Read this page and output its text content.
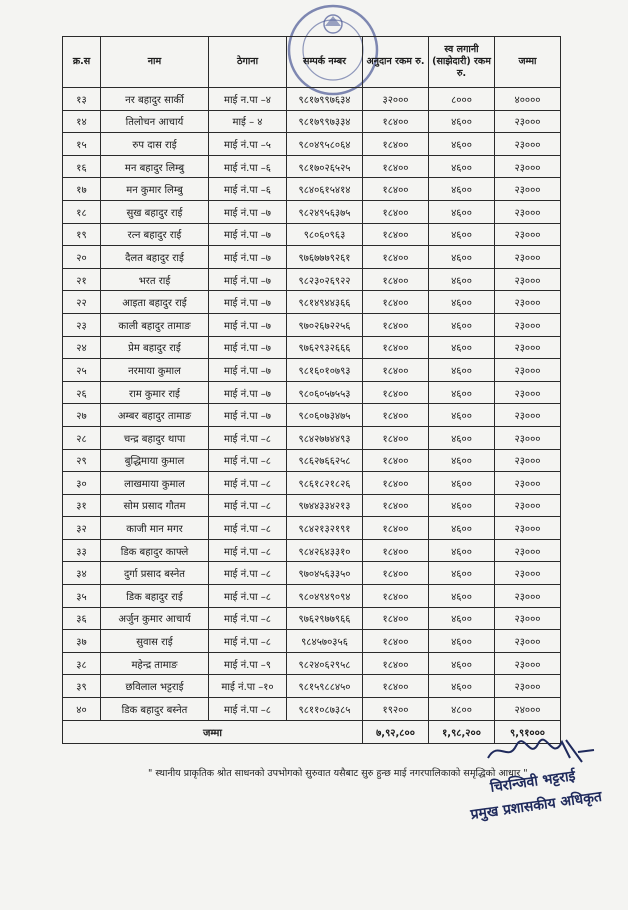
क्र.स	नाम	ठेगाना	सम्पर्क नम्बर	अनुदान रकम रु.	स्व लगानी (साझेदारी) रकम रु.	जम्मा
१३	नर बहादुर सार्की	माई न.पा –४	९८१७९९७६३४	३२०००	८०००	४००००
१४	तिलोचन आचार्य	माई – ४	९८१७९९७३३४	१८४००	४६००	२३०००
१५	रुप दास राई	माई नं.पा –५	९८०४९५८०६४	१८४००	४६००	२३०००
१६	मन बहादुर लिम्बु	माई नं.पा –६	९८१७०२६५२५	१८४००	४६००	२३०००
१७	मन कुमार लिम्बु	माई नं.पा –६	९८४०६१५४१४	१८४००	४६००	२३०००
१८	सुख बहादुर राई	माई नं.पा –७	९८२४९५६३७५	१८४००	४६००	२३०००
१९	रत्न बहादुर राई	माई नं.पा –७	९८०६०९६३	१८४००	४६००	२३०००
२०	दैलत बहादुर राई	माई नं.पा –७	९७६७७७९२६१	१८४००	४६००	२३०००
२१	भरत राई	माई नं.पा –७	९८२३०२६९२२	१८४००	४६००	२३०००
२२	आइता बहादुर राई	माई नं.पा –७	९८१४९४४३६६	१८४००	४६००	२३०००
२३	काली बहादुर तामाङ	माई नं.पा –७	९७०२६७२२५६	१८४००	४६००	२३०००
२४	प्रेम बहादुर राई	माई नं.पा –७	९७६२९३२६६६	१८४००	४६००	२३०००
२५	नरमाया कुमाल	माई नं.पा –७	९८१६०१०७९३	१८४००	४६००	२३०००
२६	राम कुमार राई	माई नं.पा –७	९८०६०५७५५३	१८४००	४६००	२३०००
२७	अम्बर बहादुर तामाङ	माई नं.पा –७	९८०६०७३४७५	१८४००	४६००	२३०००
२८	चन्द्र बहादुर थापा	माई नं.पा –८	९८४२७७४४९३	१८४००	४६००	२३०००
२९	बुद्धिमाया कुमाल	माई नं.पा –८	९८६२७६६२५८	१८४००	४६००	२३०००
३०	लाखमाया कुमाल	माई नं.पा –८	९८६१८२१८२६	१८४००	४६००	२३०००
३१	सोम प्रसाद गौतम	माई नं.पा –८	९७४४३३४२१३	१८४००	४६००	२३०००
३२	काजी मान मगर	माई नं.पा –८	९८४२१३२१९१	१८४००	४६००	२३०००
३३	डिक बहादुर काफ्ले	माई नं.पा –८	९८४२६४३३१०	१८४००	४६००	२३०००
३४	दुर्गा प्रसाद बस्नेत	माई नं.पा –८	९७०४५६३३५०	१८४००	४६००	२३०००
३५	डिक बहादुर राई	माई नं.पा –८	९८०४९४९०९४	१८४००	४६००	२३०००
३६	अर्जुन कुमार आचार्य	माई नं.पा –८	९७६२९७७९६६	१८४००	४६००	२३०००
३७	सुवास राई	माई नं.पा –८	९८४५७०३५६	१८४००	४६००	२३०००
३८	महेन्द्र तामाङ	माई नं.पा –९	९८२४०६२९५८	१८४००	४६००	२३०००
३९	छविलाल भट्टराई	माई नं.पा –१०	९८१५९८८४५०	१८४००	४६००	२३०००
४०	डिक बहादुर बस्नेत	माई नं.पा –८	९८११०८७३८५	१९२००	४८००	२४०००
जम्मा				७,९२,८००	१,९८,२००	९,९१०००
" स्थानीय प्राकृतिक श्रोत साधनको उपभोगको सुरुवात यसैबाट सुरु हुन्छ माई नगरपालिकाको समृद्धिको आधार "
चिरन्जिवी भट्टराई
प्रमुख प्रशासकीय अधिकृत
